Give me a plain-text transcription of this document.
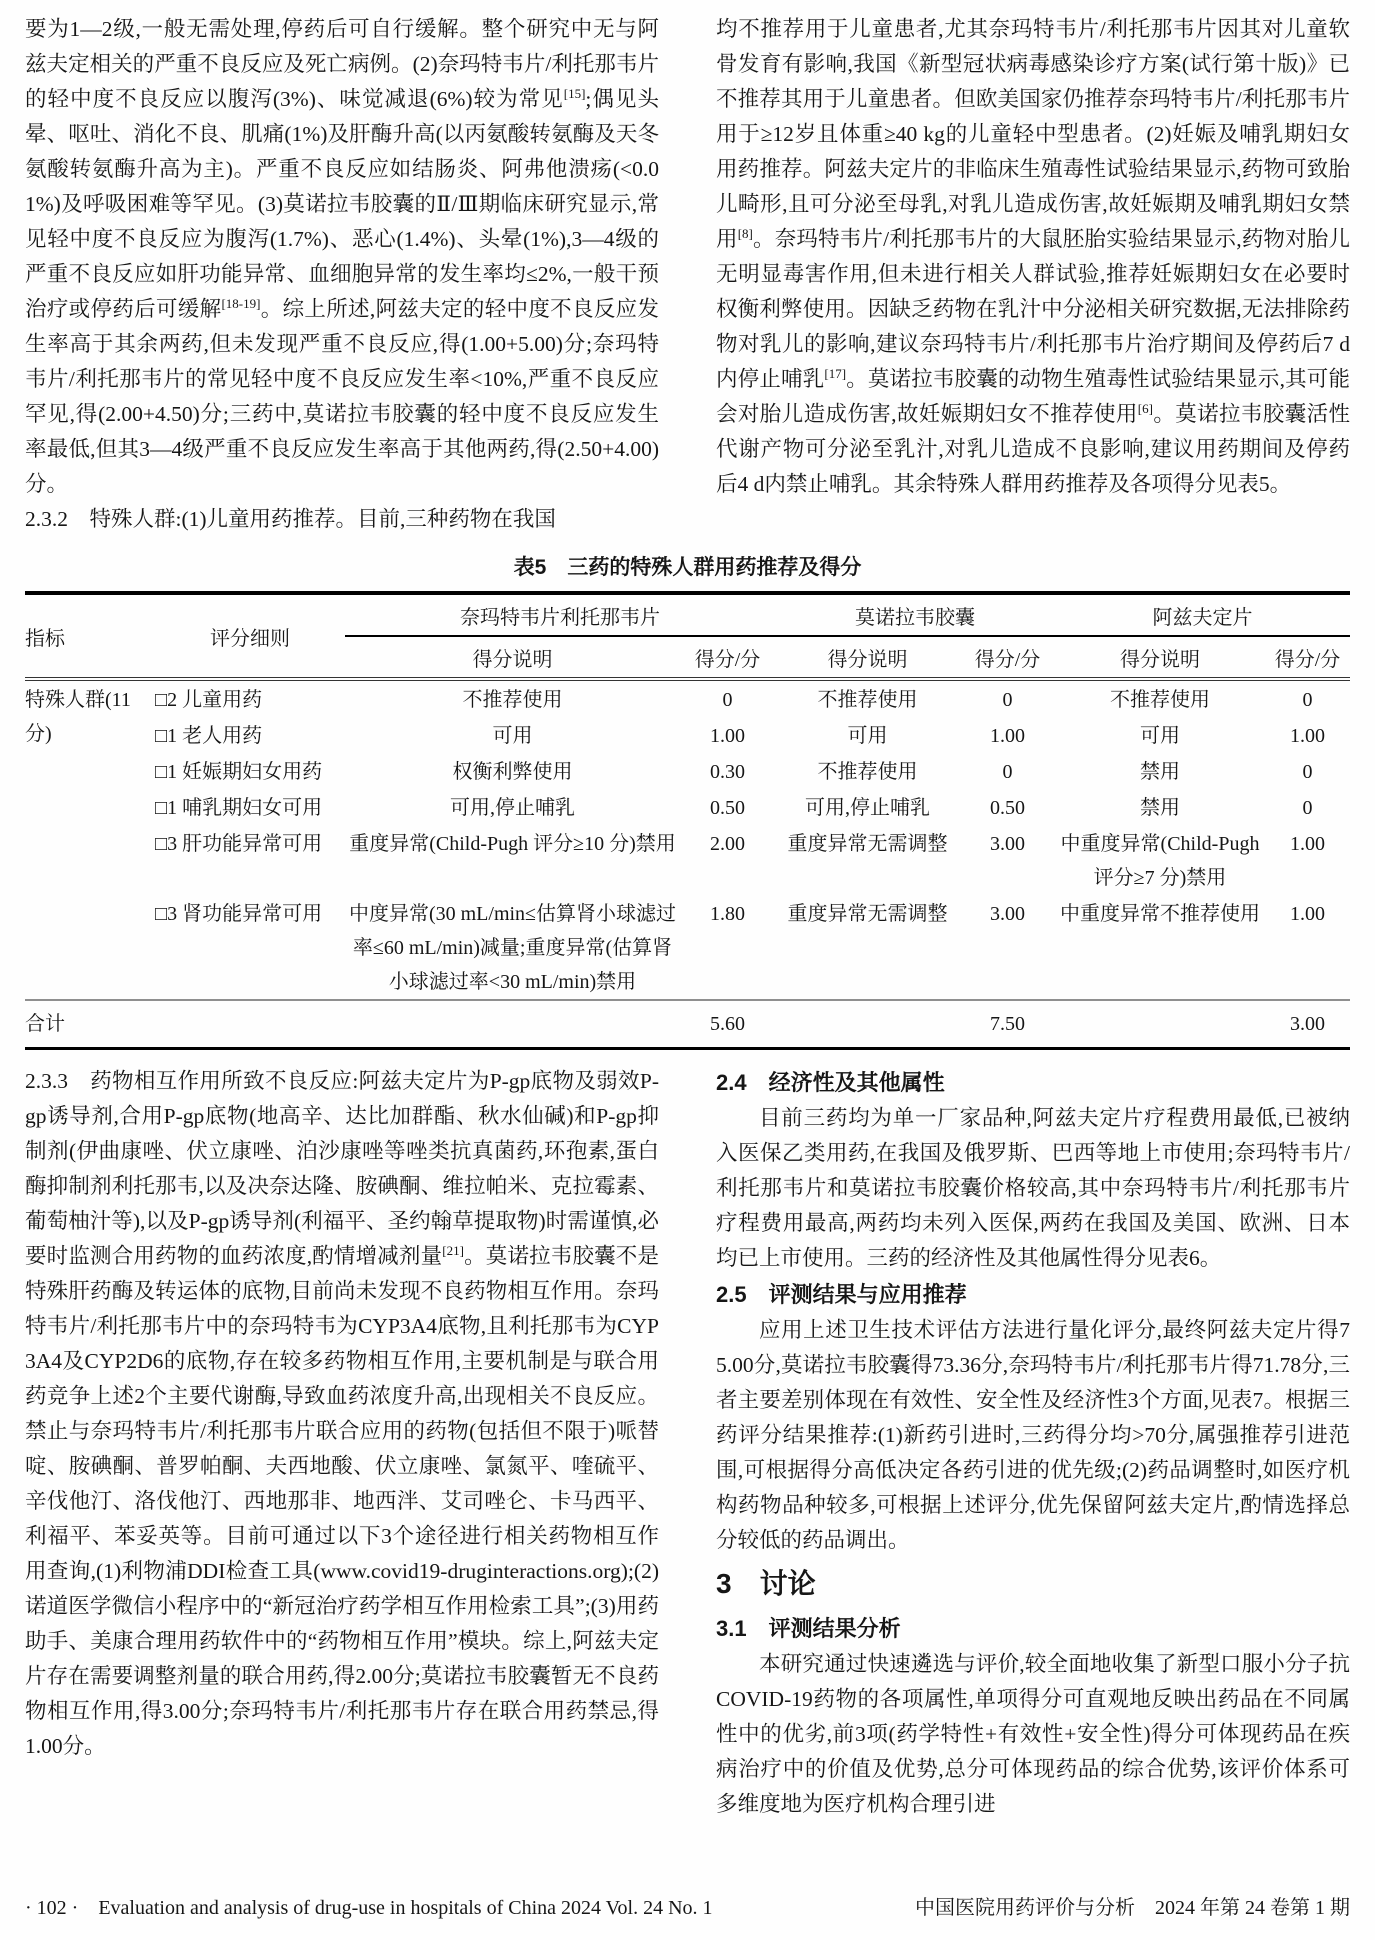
要为1—2级,一般无需处理,停药后可自行缓解。整个研究中无与阿兹夫定相关的严重不良反应及死亡病例。(2)奈玛特韦片/利托那韦片的轻中度不良反应以腹泻(3%)、味觉减退(6%)较为常见[15];偶见头晕、呕吐、消化不良、肌痛(1%)及肝酶升高(以丙氨酸转氨酶及天冬氨酸转氨酶升高为主)。严重不良反应如结肠炎、阿弗他溃疡(<0.01%)及呼吸困难等罕见。(3)莫诺拉韦胶囊的Ⅱ/Ⅲ期临床研究显示,常见轻中度不良反应为腹泻(1.7%)、恶心(1.4%)、头晕(1%),3—4级的严重不良反应如肝功能异常、血细胞异常的发生率均≤2%,一般干预治疗或停药后可缓解[18-19]。综上所述,阿兹夫定的轻中度不良反应发生率高于其余两药,但未发现严重不良反应,得(1.00+5.00)分;奈玛特韦片/利托那韦片的常见轻中度不良反应发生率<10%,严重不良反应罕见,得(2.00+4.50)分;三药中,莫诺拉韦胶囊的轻中度不良反应发生率最低,但其3—4级严重不良反应发生率高于其他两药,得(2.50+4.00)分。

2.3.2　特殊人群:(1)儿童用药推荐。目前,三种药物在我国

均不推荐用于儿童患者,尤其奈玛特韦片/利托那韦片因其对儿童软骨发育有影响,我国《新型冠状病毒感染诊疗方案(试行第十版)》已不推荐其用于儿童患者。但欧美国家仍推荐奈玛特韦片/利托那韦片用于≥12岁且体重≥40 kg的儿童轻中型患者。(2)妊娠及哺乳期妇女用药推荐。阿兹夫定片的非临床生殖毒性试验结果显示,药物可致胎儿畸形,且可分泌至母乳,对乳儿造成伤害,故妊娠期及哺乳期妇女禁用[8]。奈玛特韦片/利托那韦片的大鼠胚胎实验结果显示,药物对胎儿无明显毒害作用,但未进行相关人群试验,推荐妊娠期妇女在必要时权衡利弊使用。因缺乏药物在乳汁中分泌相关研究数据,无法排除药物对乳儿的影响,建议奈玛特韦片/利托那韦片治疗期间及停药后7 d内停止哺乳[17]。莫诺拉韦胶囊的动物生殖毒性试验结果显示,其可能会对胎儿造成伤害,故妊娠期妇女不推荐使用[6]。莫诺拉韦胶囊活性代谢产物可分泌至乳汁,对乳儿造成不良影响,建议用药期间及停药后4 d内禁止哺乳。其余特殊人群用药推荐及各项得分见表5。

表5　三药的特殊人群用药推荐及得分
指标	评分细则	奈玛特韦片利托那韦片		莫诺拉韦胶囊		阿兹夫定片	
		得分说明	得分/分	得分说明	得分/分	得分说明	得分/分
特殊人群(11分)	□2 儿童用药	不推荐使用	0	不推荐使用	0	不推荐使用	0
	□1 老人用药	可用	1.00	可用	1.00	可用	1.00
	□1 妊娠期妇女用药	权衡利弊使用	0.30	不推荐使用	0	禁用	0
	□1 哺乳期妇女可用	可用,停止哺乳	0.50	可用,停止哺乳	0.50	禁用	0
	□3 肝功能异常可用	重度异常(Child-Pugh 评分≥10 分)禁用	2.00	重度异常无需调整	3.00	中重度异常(Child-Pugh 评分≥7 分)禁用	1.00
	□3 肾功能异常可用	中度异常(30 mL/min≤估算肾小球滤过率≤60 mL/min)减量;重度异常(估算肾小球滤过率<30 mL/min)禁用	1.80	重度异常无需调整	3.00	中重度异常不推荐使用	1.00
合计			5.60		7.50		3.00

2.3.3　药物相互作用所致不良反应:阿兹夫定片为P-gp底物及弱效P-gp诱导剂,合用P-gp底物(地高辛、达比加群酯、秋水仙碱)和P-gp抑制剂(伊曲康唑、伏立康唑、泊沙康唑等唑类抗真菌药,环孢素,蛋白酶抑制剂利托那韦,以及决奈达隆、胺碘酮、维拉帕米、克拉霉素、葡萄柚汁等),以及P-gp诱导剂(利福平、圣约翰草提取物)时需谨慎,必要时监测合用药物的血药浓度,酌情增减剂量[21]。莫诺拉韦胶囊不是特殊肝药酶及转运体的底物,目前尚未发现不良药物相互作用。奈玛特韦片/利托那韦片中的奈玛特韦为CYP3A4底物,且利托那韦为CYP3A4及CYP2D6的底物,存在较多药物相互作用,主要机制是与联合用药竞争上述2个主要代谢酶,导致血药浓度升高,出现相关不良反应。禁止与奈玛特韦片/利托那韦片联合应用的药物(包括但不限于)哌替啶、胺碘酮、普罗帕酮、夫西地酸、伏立康唑、氯氮平、喹硫平、辛伐他汀、洛伐他汀、西地那非、地西泮、艾司唑仑、卡马西平、利福平、苯妥英等。目前可通过以下3个途径进行相关药物相互作用查询,(1)利物浦DDI检查工具(www.covid19-druginteractions.org);(2)诺道医学微信小程序中的“新冠治疗药学相互作用检索工具”;(3)用药助手、美康合理用药软件中的“药物相互作用”模块。综上,阿兹夫定片存在需要调整剂量的联合用药,得2.00分;莫诺拉韦胶囊暂无不良药物相互作用,得3.00分;奈玛特韦片/利托那韦片存在联合用药禁忌,得1.00分。

2.4　经济性及其他属性

目前三药均为单一厂家品种,阿兹夫定片疗程费用最低,已被纳入医保乙类用药,在我国及俄罗斯、巴西等地上市使用;奈玛特韦片/利托那韦片和莫诺拉韦胶囊价格较高,其中奈玛特韦片/利托那韦片疗程费用最高,两药均未列入医保,两药在我国及美国、欧洲、日本均已上市使用。三药的经济性及其他属性得分见表6。

2.5　评测结果与应用推荐

应用上述卫生技术评估方法进行量化评分,最终阿兹夫定片得75.00分,莫诺拉韦胶囊得73.36分,奈玛特韦片/利托那韦片得71.78分,三者主要差别体现在有效性、安全性及经济性3个方面,见表7。根据三药评分结果推荐:(1)新药引进时,三药得分均>70分,属强推荐引进范围,可根据得分高低决定各药引进的优先级;(2)药品调整时,如医疗机构药物品种较多,可根据上述评分,优先保留阿兹夫定片,酌情选择总分较低的药品调出。

3　讨论
3.1　评测结果分析

本研究通过快速遴选与评价,较全面地收集了新型口服小分子抗COVID-19药物的各项属性,单项得分可直观地反映出药品在不同属性中的优劣,前3项(药学特性+有效性+安全性)得分可体现药品在疾病治疗中的价值及优势,总分可体现药品的综合优势,该评价体系可多维度地为医疗机构合理引进

· 102 ·　Evaluation and analysis of drug-use in hospitals of China 2024 Vol. 24 No. 1	中国医院用药评价与分析　2024 年第 24 卷第 1 期
